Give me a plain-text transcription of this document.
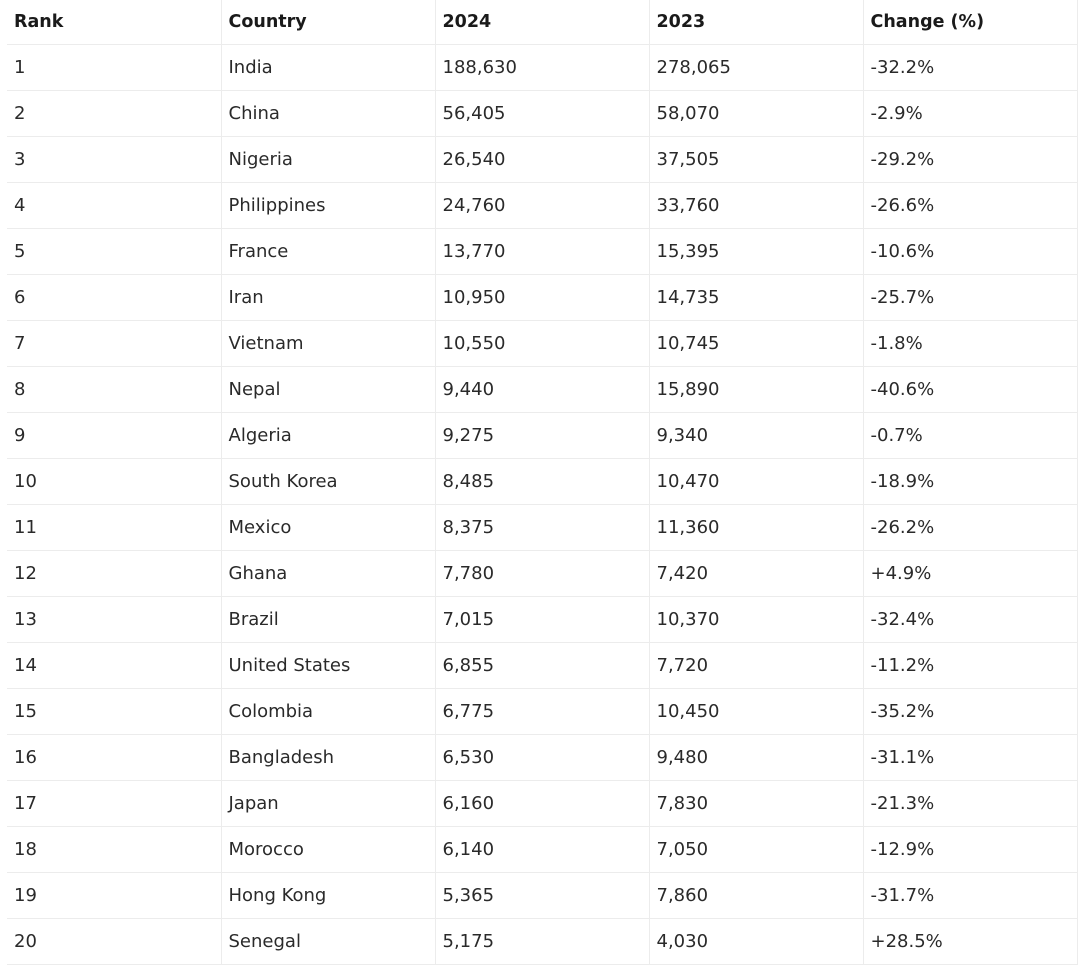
Rank	Country	2024	2023	Change (%)
1	India	188,630	278,065	-32.2%
2	China	56,405	58,070	-2.9%
3	Nigeria	26,540	37,505	-29.2%
4	Philippines	24,760	33,760	-26.6%
5	France	13,770	15,395	-10.6%
6	Iran	10,950	14,735	-25.7%
7	Vietnam	10,550	10,745	-1.8%
8	Nepal	9,440	15,890	-40.6%
9	Algeria	9,275	9,340	-0.7%
10	South Korea	8,485	10,470	-18.9%
11	Mexico	8,375	11,360	-26.2%
12	Ghana	7,780	7,420	+4.9%
13	Brazil	7,015	10,370	-32.4%
14	United States	6,855	7,720	-11.2%
15	Colombia	6,775	10,450	-35.2%
16	Bangladesh	6,530	9,480	-31.1%
17	Japan	6,160	7,830	-21.3%
18	Morocco	6,140	7,050	-12.9%
19	Hong Kong	5,365	7,860	-31.7%
20	Senegal	5,175	4,030	+28.5%
